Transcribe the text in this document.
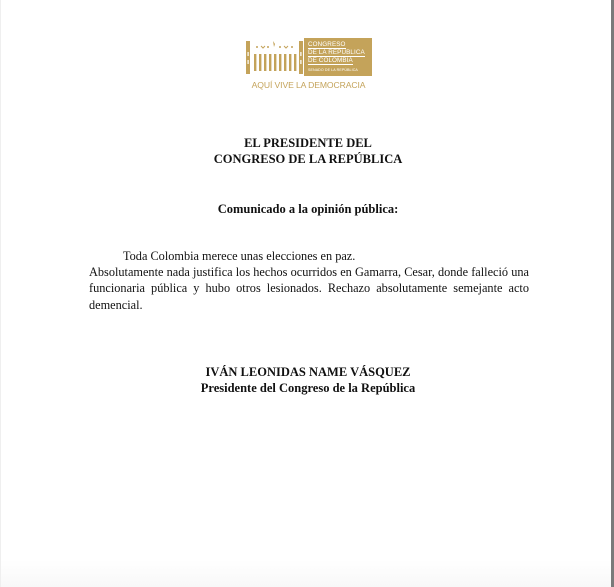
CONGRESO
DE LA REPÚBLICA
DE COLOMBIA
SENADO DE LA REPÚBLICA
AQUÍ VIVE LA DEMOCRACIA
EL PRESIDENTE DEL
CONGRESO DE LA REPÚBLICA
Comunicado a la opinión pública:
Toda Colombia merece unas elecciones en paz.
Absolutamente nada justifica los hechos ocurridos en Gamarra, Cesar, donde falleció una funcionaria pública y hubo otros lesionados. Rechazo absolutamente semejante acto demencial.
IVÁN LEONIDAS NAME VÁSQUEZ
Presidente del Congreso de la República
